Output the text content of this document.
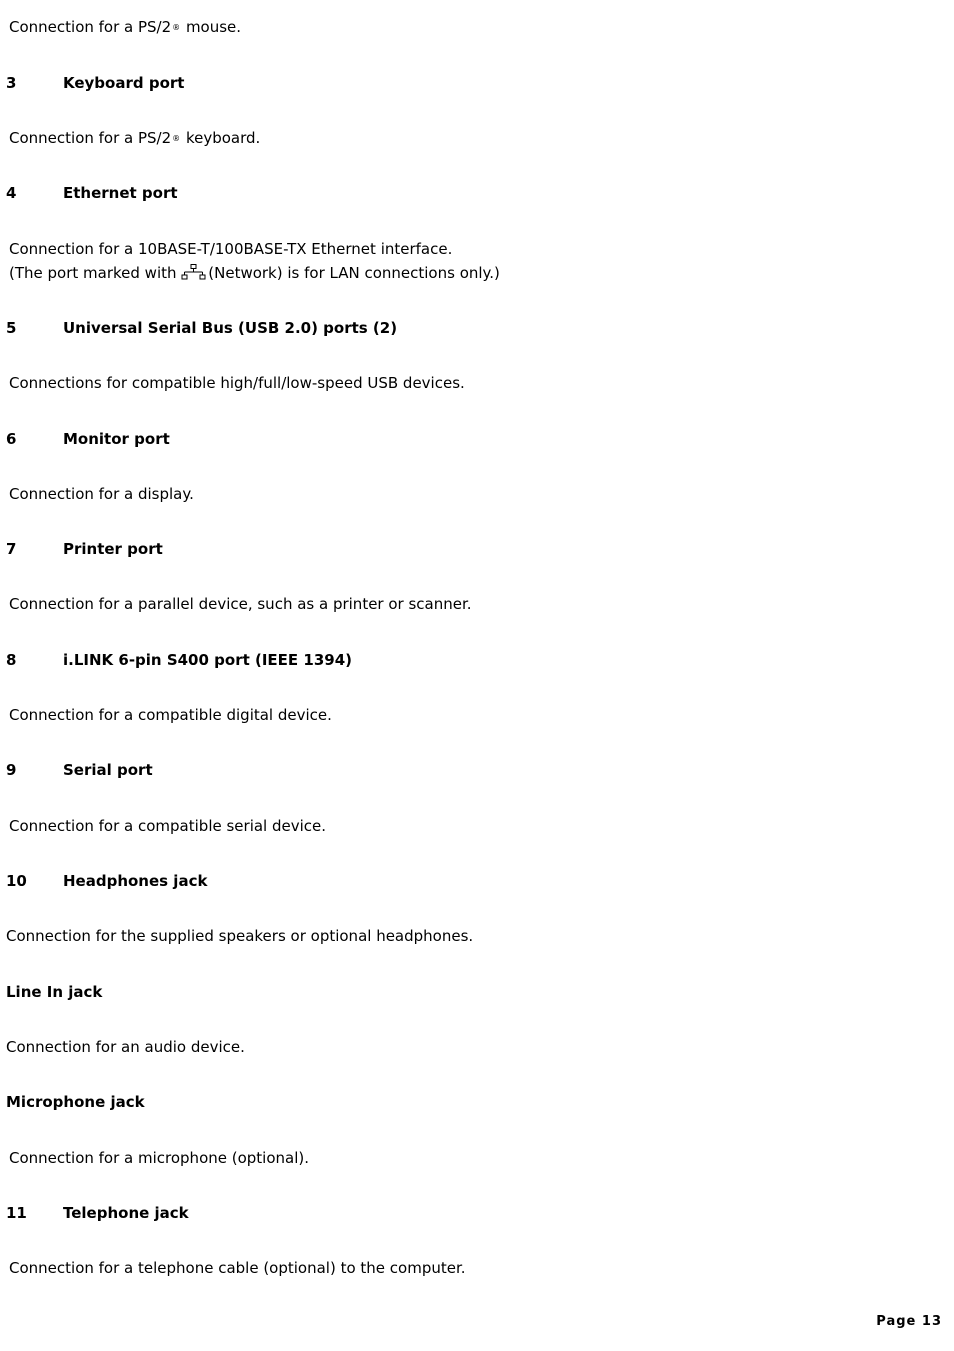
Connection for a PS/2® mouse.
3	Keyboard port
Connection for a PS/2® keyboard.
4	Ethernet port
Connection for a 10BASE-T/100BASE-TX Ethernet interface.
(The port marked with (Network) is for LAN connections only.)
5	Universal Serial Bus (USB 2.0) ports (2)
Connections for compatible high/full/low-speed USB devices.
6	Monitor port
Connection for a display.
7	Printer port
Connection for a parallel device, such as a printer or scanner.
8	i.LINK 6-pin S400 port (IEEE 1394)
Connection for a compatible digital device.
9	Serial port
Connection for a compatible serial device.
10 Headphones jack
Connection for the supplied speakers or optional headphones.
Line In jack
Connection for an audio device.
Microphone jack
Connection for a microphone (optional).
11 Telephone jack
Connection for a telephone cable (optional) to the computer.
Page 13
